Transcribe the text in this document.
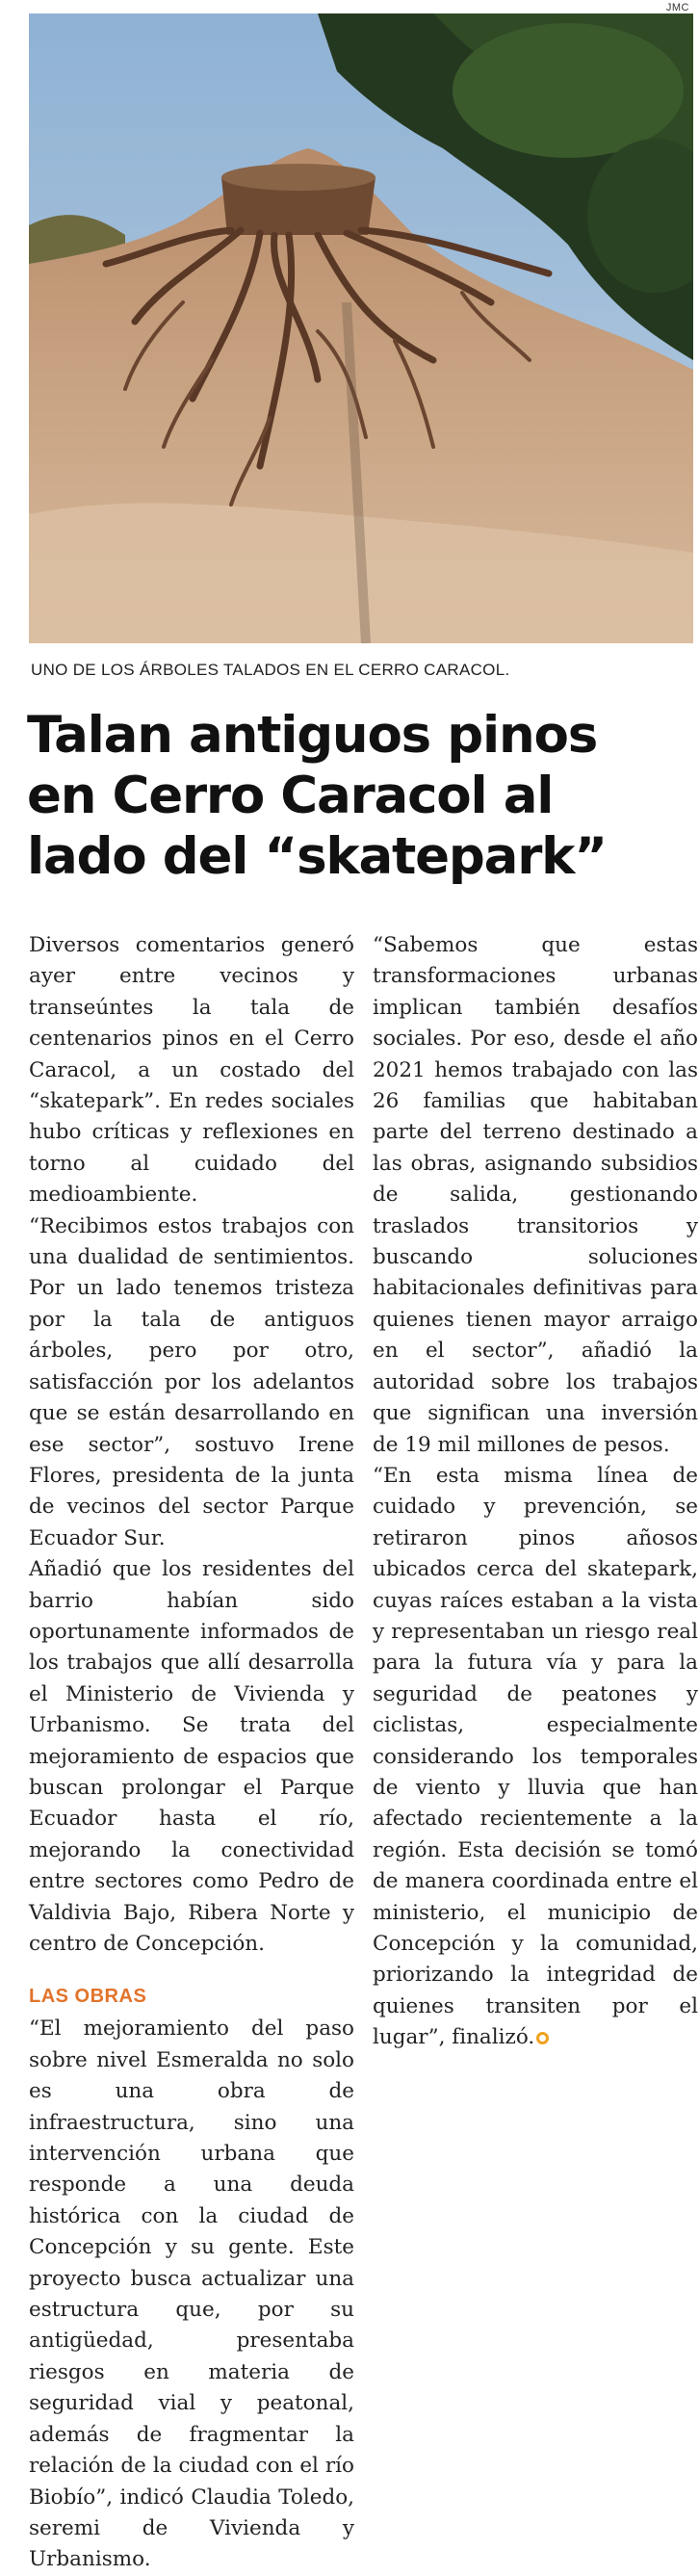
JMC
UNO DE LOS ÁRBOLES TALADOS EN EL CERRO CARACOL.
Talan antiguos pinos
en Cerro Caracol al
lado del “skatepark”

Diversos comentarios generó ayer entre vecinos y transeúntes la tala de centenarios pinos en el Cerro Caracol, a un costado del “skatepark”. En redes sociales hubo críticas y reflexiones en torno al cuidado del medioambiente.

“Recibimos estos trabajos con una dualidad de sentimientos. Por un lado tenemos tristeza por la tala de antiguos árboles, pero por otro, satisfacción por los adelantos que se están desarrollando en ese sector”, sostuvo Irene Flores, presidenta de la junta de vecinos del sector Parque Ecuador Sur.

Añadió que los residentes del barrio habían sido oportunamente informados de los trabajos que allí desarrolla el Ministerio de Vivienda y Urbanismo. Se trata del mejoramiento de espacios que buscan prolongar el Parque Ecuador hasta el río, mejorando la conectividad entre sectores como Pedro de Valdivia Bajo, Ribera Norte y centro de Concepción.

LAS OBRAS

“El mejoramiento del paso sobre nivel Esmeralda no solo es una obra de infraestructura, sino una intervención urbana que responde a una deuda histórica con la ciudad de Concepción y su gente. Este proyecto busca actualizar una estructura que, por su antigüedad, presentaba riesgos en materia de seguridad vial y peatonal, además de fragmentar la relación de la ciudad con el río Biobío”, indicó Claudia Toledo, seremi de Vivienda y Urbanismo.

“Sabemos que estas transformaciones urbanas implican también desafíos sociales. Por eso, desde el año 2021 hemos trabajado con las 26 familias que habitaban parte del terreno destinado a las obras, asignando subsidios de salida, gestionando traslados transitorios y buscando soluciones habitacionales definitivas para quienes tienen mayor arraigo en el sector”, añadió la autoridad sobre los trabajos que significan una inversión de 19 mil millones de pesos.

“En esta misma línea de cuidado y prevención, se retiraron pinos añosos ubicados cerca del skatepark, cuyas raíces estaban a la vista y representaban un riesgo real para la futura vía y para la seguridad de peatones y ciclistas, especialmente considerando los temporales de viento y lluvia que han afectado recientemente a la región. Esta decisión se tomó de manera coordinada entre el ministerio, el municipio de Concepción y la comunidad, priorizando la integridad de quienes transiten por el lugar”, finalizó.
